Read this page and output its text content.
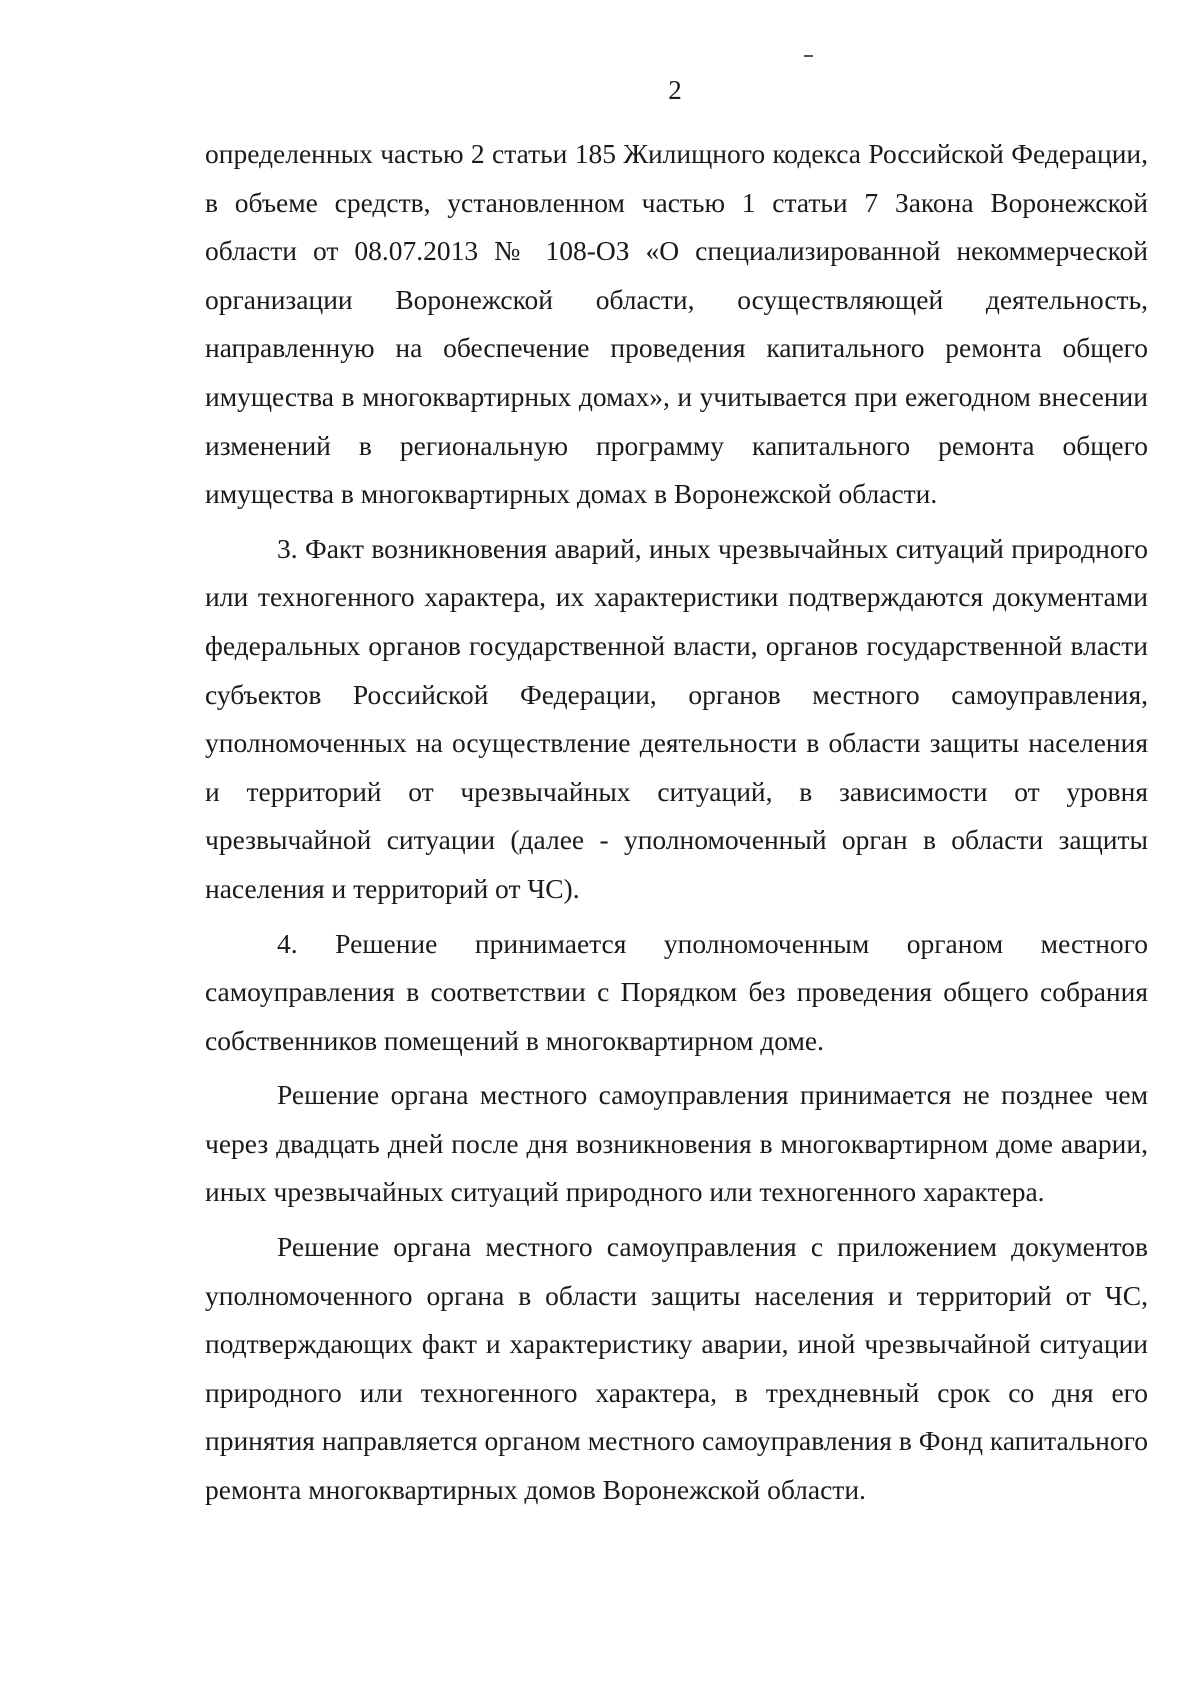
2

определенных частью 2 статьи 185 Жилищного кодекса Российской Федерации, в объеме средств, установленном частью 1 статьи 7 Закона Воронежской области от 08.07.2013 № 108-ОЗ «О специализированной некоммерческой организации Воронежской области, осуществляющей деятельность, направленную на обеспечение проведения капитального ремонта общего имущества в многоквартирных домах», и учитывается при ежегодном внесении изменений в региональную программу капитального ремонта общего имущества в многоквартирных домах в Воронежской области.

3. Факт возникновения аварий, иных чрезвычайных ситуаций природного или техногенного характера, их характеристики подтверждаются документами федеральных органов государственной власти, органов государственной власти субъектов Российской Федерации, органов местного самоуправления, уполномоченных на осуществление деятельности в области защиты населения и территорий от чрезвычайных ситуаций, в зависимости от уровня чрезвычайной ситуации (далее - уполномоченный орган в области защиты населения и территорий от ЧС).

4. Решение принимается уполномоченным органом местного самоуправления в соответствии с Порядком без проведения общего собрания собственников помещений в многоквартирном доме.

Решение органа местного самоуправления принимается не позднее чем через двадцать дней после дня возникновения в многоквартирном доме аварии, иных чрезвычайных ситуаций природного или техногенного характера.

Решение органа местного самоуправления с приложением документов уполномоченного органа в области защиты населения и территорий от ЧС, подтверждающих факт и характеристику аварии, иной чрезвычайной ситуации природного или техногенного характера, в трехдневный срок со дня его принятия направляется органом местного самоуправления в Фонд капитального ремонта многоквартирных домов Воронежской области.
